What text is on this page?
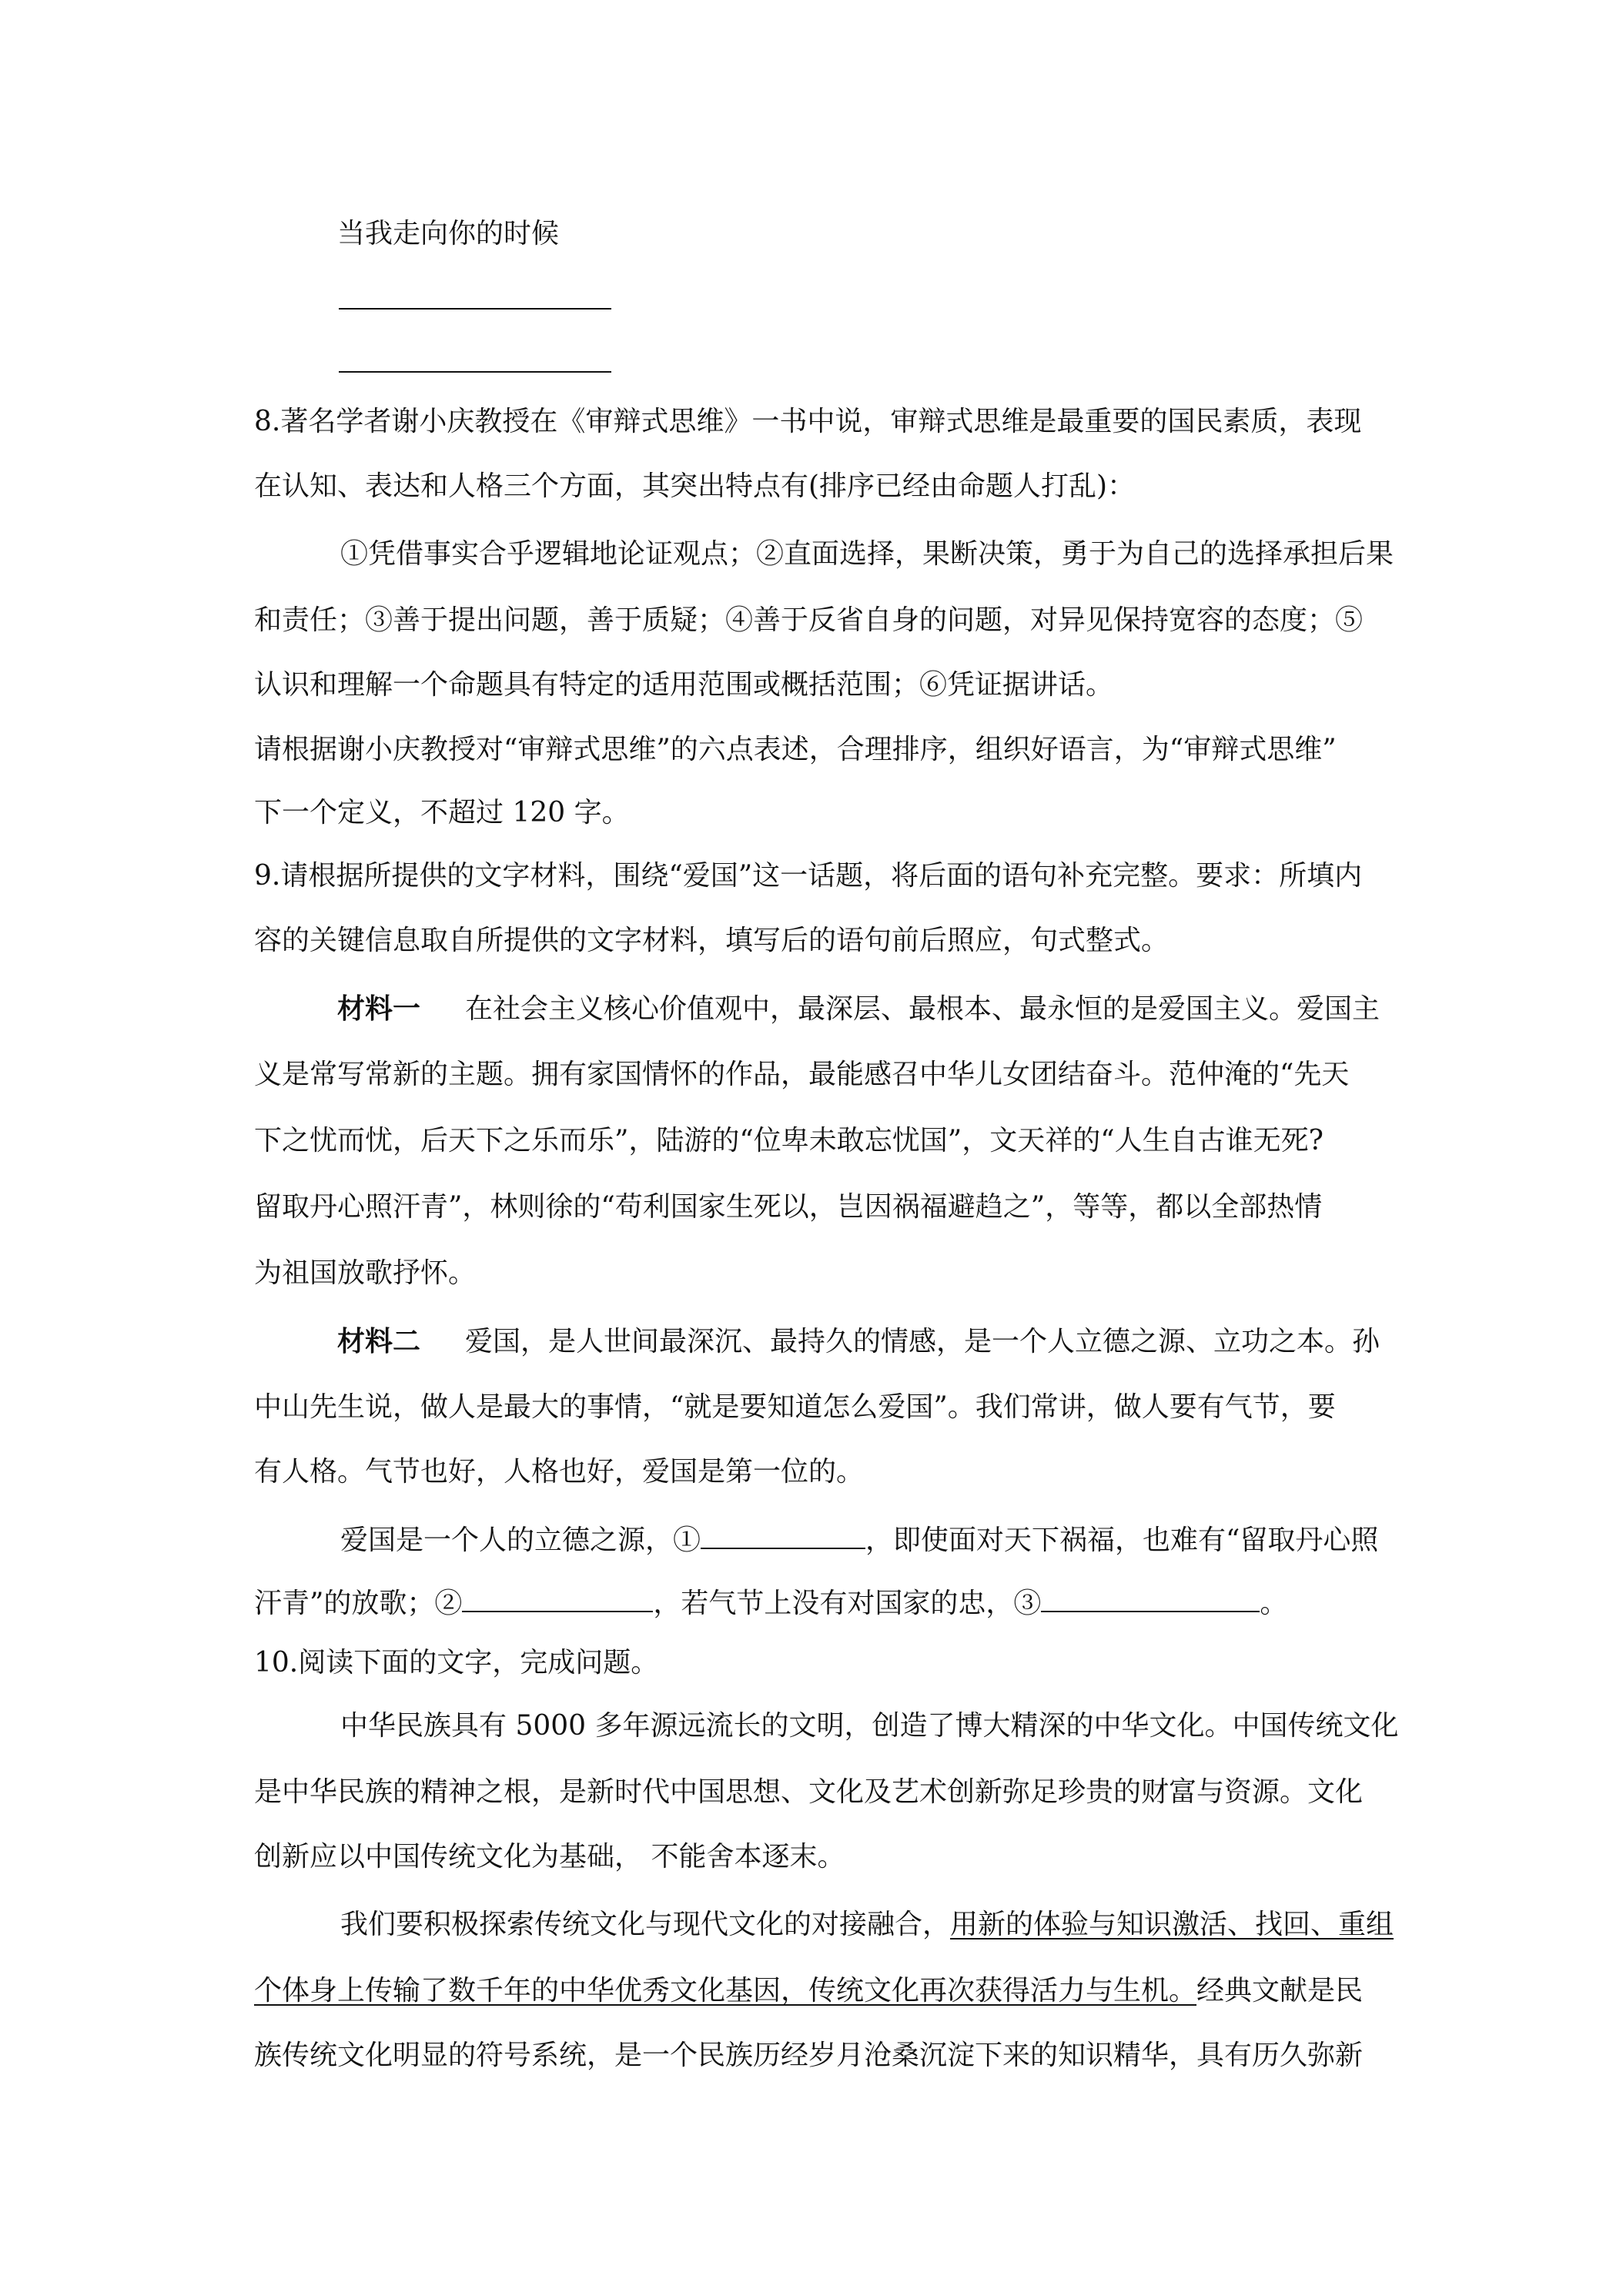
当我走向你的时候
8.著名学者谢小庆教授在《审辩式思维》一书中说，审辩式思维是最重要的国民素质，表现
在认知、表达和人格三个方面，其突出特点有(排序已经由命题人打乱)：
①凭借事实合乎逻辑地论证观点；②直面选择，果断决策，勇于为自己的选择承担后果
和责任；③善于提出问题，善于质疑；④善于反省自身的问题，对异见保持宽容的态度；⑤
认识和理解一个命题具有特定的适用范围或概括范围；⑥凭证据讲话。
请根据谢小庆教授对“审辩式思维”的六点表述，合理排序，组织好语言，为“审辩式思维”
下一个定义，不超过 120 字。
9.请根据所提供的文字材料，围绕“爱国”这一话题，将后面的语句补充完整。要求：所填内
容的关键信息取自所提供的文字材料，填写后的语句前后照应，句式整式。
材料一 在社会主义核心价值观中，最深层、最根本、最永恒的是爱国主义。爱国主
义是常写常新的主题。拥有家国情怀的作品，最能感召中华儿女团结奋斗。范仲淹的“先天
下之忧而忧，后天下之乐而乐”，陆游的“位卑未敢忘忧国”，文天祥的“人生自古谁无死?
留取丹心照汗青”，林则徐的“苟利国家生死以，岂因祸福避趋之”，等等，都以全部热情
为祖国放歌抒怀。
材料二 爱国，是人世间最深沉、最持久的情感，是一个人立德之源、立功之本。孙
中山先生说，做人是最大的事情，“就是要知道怎么爱国”。我们常讲，做人要有气节，要
有人格。气节也好，人格也好，爱国是第一位的。
爱国是一个人的立德之源，①	，即使面对天下祸福，也难有“留取丹心照
汗青”的放歌；②	，若气节上没有对国家的忠，③	。
10.阅读下面的文字，完成问题。
中华民族具有 5000 多年源远流长的文明，创造了博大精深的中华文化。中国传统文化
是中华民族的精神之根，是新时代中国思想、文化及艺术创新弥足珍贵的财富与资源。文化
创新应以中国传统文化为基础， 不能舍本逐末。
我们要积极探索传统文化与现代文化的对接融合，用新的体验与知识激活、找回、重组
个体身上传输了数千年的中华优秀文化基因，传统文化再次获得活力与生机。经典文献是民
族传统文化明显的符号系统，是一个民族历经岁月沧桑沉淀下来的知识精华，具有历久弥新
